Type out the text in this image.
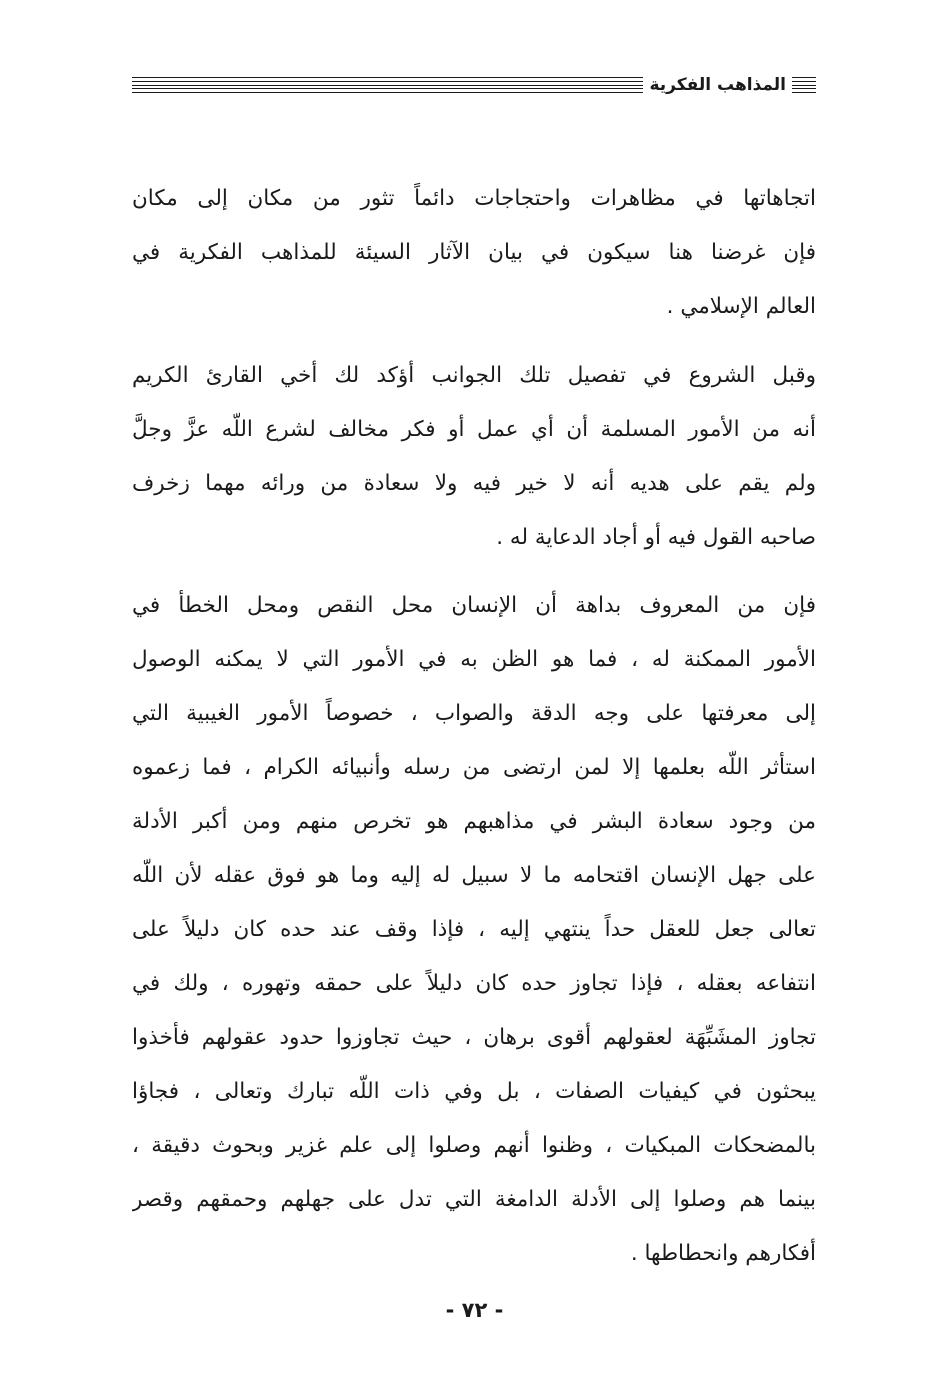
المذاهب الفكرية
اتجاهاتها في مظاهرات واحتجاجات دائماً تثور من مكان إلى مكان
فإن غرضنا هنا سيكون في بيان الآثار السيئة للمذاهب الفكرية في
العالم الإسلامي .
وقبل الشروع في تفصيل تلك الجوانب أؤكد لك أخي القارئ الكريم
أنه من الأمور المسلمة أن أي عمل أو فكر مخالف لشرع اللّه عزَّ وجلَّ
ولم يقم على هديه أنه لا خير فيه ولا سعادة من ورائه مهما زخرف
صاحبه القول فيه أو أجاد الدعاية له .
فإن من المعروف بداهة أن الإنسان محل النقص ومحل الخطأ في
الأمور الممكنة له ، فما هو الظن به في الأمور التي لا يمكنه الوصول
إلى معرفتها على وجه الدقة والصواب ، خصوصاً الأمور الغيبية التي
استأثر اللّه بعلمها إلا لمن ارتضى من رسله وأنبيائه الكرام ، فما زعموه
من وجود سعادة البشر في مذاهبهم هو تخرص منهم ومن أكبر الأدلة
على جهل الإنسان اقتحامه ما لا سبيل له إليه وما هو فوق عقله لأن اللّه
تعالى جعل للعقل حداً ينتهي إليه ، فإذا وقف عند حده كان دليلاً على
انتفاعه بعقله ، فإذا تجاوز حده كان دليلاً على حمقه وتهوره ، ولك في
تجاوز المشَبِّهَة لعقولهم أقوى برهان ، حيث تجاوزوا حدود عقولهم فأخذوا
يبحثون في كيفيات الصفات ، بل وفي ذات اللّه تبارك وتعالى ، فجاؤا
بالمضحكات المبكيات ، وظنوا أنهم وصلوا إلى علم غزير وبحوث دقيقة ،
بينما هم وصلوا إلى الأدلة الدامغة التي تدل على جهلهم وحمقهم وقصر
أفكارهم وانحطاطها .
- ٧٢ -
